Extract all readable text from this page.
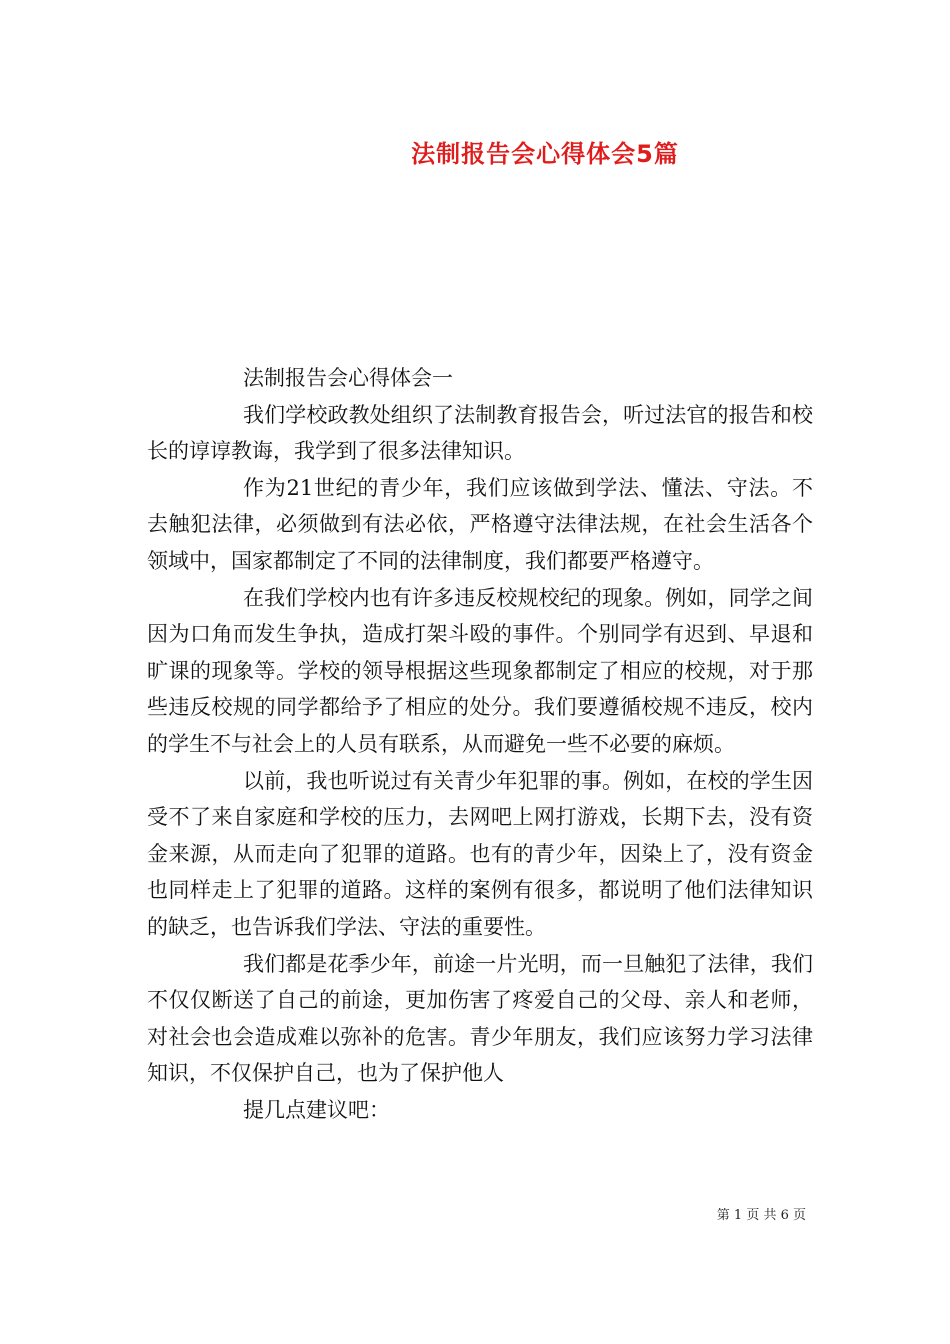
法制报告会心得体会5篇

法制报告会心得体会一

我们学校政教处组织了法制教育报告会，听过法官的报告和校长的谆谆教诲，我学到了很多法律知识。

作为21世纪的青少年，我们应该做到学法、懂法、守法。不去触犯法律，必须做到有法必依，严格遵守法律法规，在社会生活各个领域中，国家都制定了不同的法律制度，我们都要严格遵守。

在我们学校内也有许多违反校规校纪的现象。例如，同学之间因为口角而发生争执，造成打架斗殴的事件。个别同学有迟到、早退和旷课的现象等。学校的领导根据这些现象都制定了相应的校规，对于那些违反校规的同学都给予了相应的处分。我们要遵循校规不违反，校内的学生不与社会上的人员有联系，从而避免一些不必要的麻烦。

以前，我也听说过有关青少年犯罪的事。例如，在校的学生因受不了来自家庭和学校的压力，去网吧上网打游戏，长期下去，没有资金来源，从而走向了犯罪的道路。也有的青少年，因染上了，没有资金也同样走上了犯罪的道路。这样的案例有很多，都说明了他们法律知识的缺乏，也告诉我们学法、守法的重要性。

我们都是花季少年，前途一片光明，而一旦触犯了法律，我们不仅仅断送了自己的前途，更加伤害了疼爱自己的父母、亲人和老师，对社会也会造成难以弥补的危害。青少年朋友，我们应该努力学习法律知识，不仅保护自己，也为了保护他人

提几点建议吧：

第 1 页 共 6 页
